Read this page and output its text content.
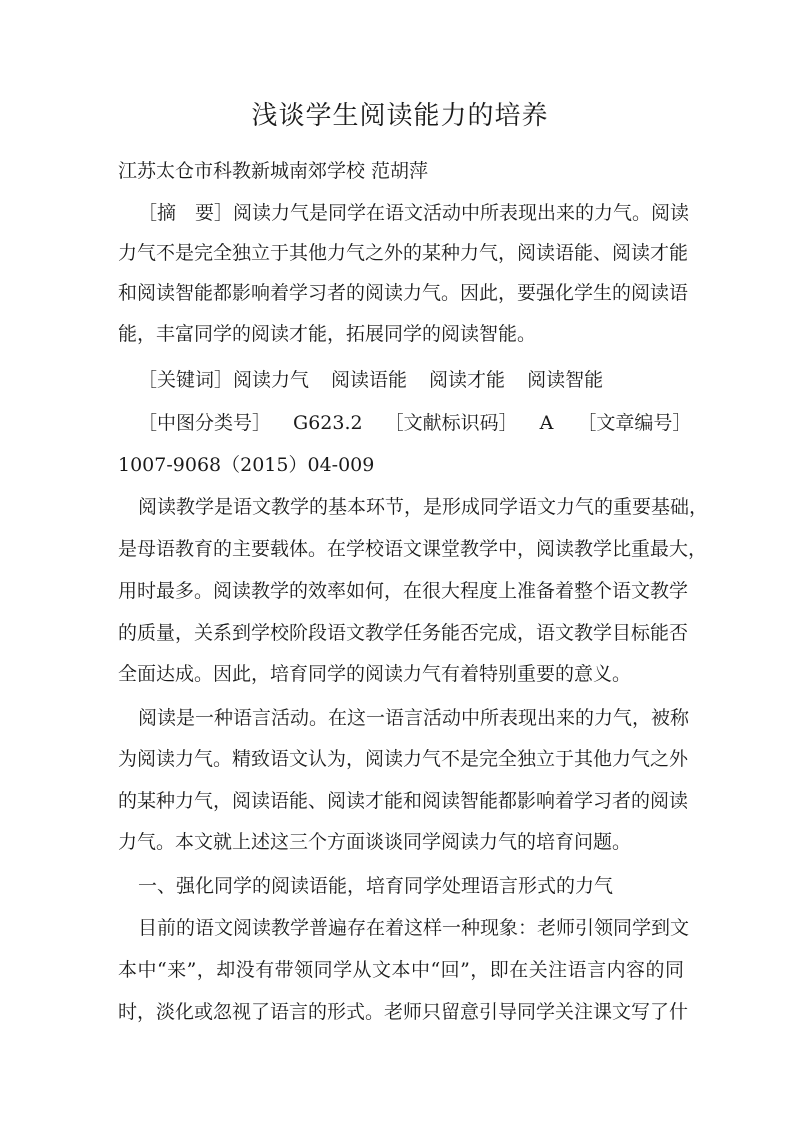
浅谈学生阅读能力的培养
江苏太仓市科教新城南郊学校 范胡萍
［摘　要］阅读力气是同学在语文活动中所表现出来的力气。阅读
力气不是完全独立于其他力气之外的某种力气，阅读语能、阅读才能
和阅读智能都影响着学习者的阅读力气。因此，要强化学生的阅读语
能，丰富同学的阅读才能，拓展同学的阅读智能。
［关键词］阅读力气 阅读语能 阅读才能 阅读智能
［中图分类号］ G623.2 ［文献标识码］ A ［文章编号］
1007-9068（2015）04-009
阅读教学是语文教学的基本环节，是形成同学语文力气的重要基础，
是母语教育的主要载体。在学校语文课堂教学中，阅读教学比重最大，
用时最多。阅读教学的效率如何，在很大程度上准备着整个语文教学
的质量，关系到学校阶段语文教学任务能否完成，语文教学目标能否
全面达成。因此，培育同学的阅读力气有着特别重要的意义。
阅读是一种语言活动。在这一语言活动中所表现出来的力气，被称
为阅读力气。精致语文认为，阅读力气不是完全独立于其他力气之外
的某种力气，阅读语能、阅读才能和阅读智能都影响着学习者的阅读
力气。本文就上述这三个方面谈谈同学阅读力气的培育问题。
一、强化同学的阅读语能，培育同学处理语言形式的力气
目前的语文阅读教学普遍存在着这样一种现象：老师引领同学到文
本中“来”，却没有带领同学从文本中“回”，即在关注语言内容的同
时，淡化或忽视了语言的形式。老师只留意引导同学关注课文写了什
